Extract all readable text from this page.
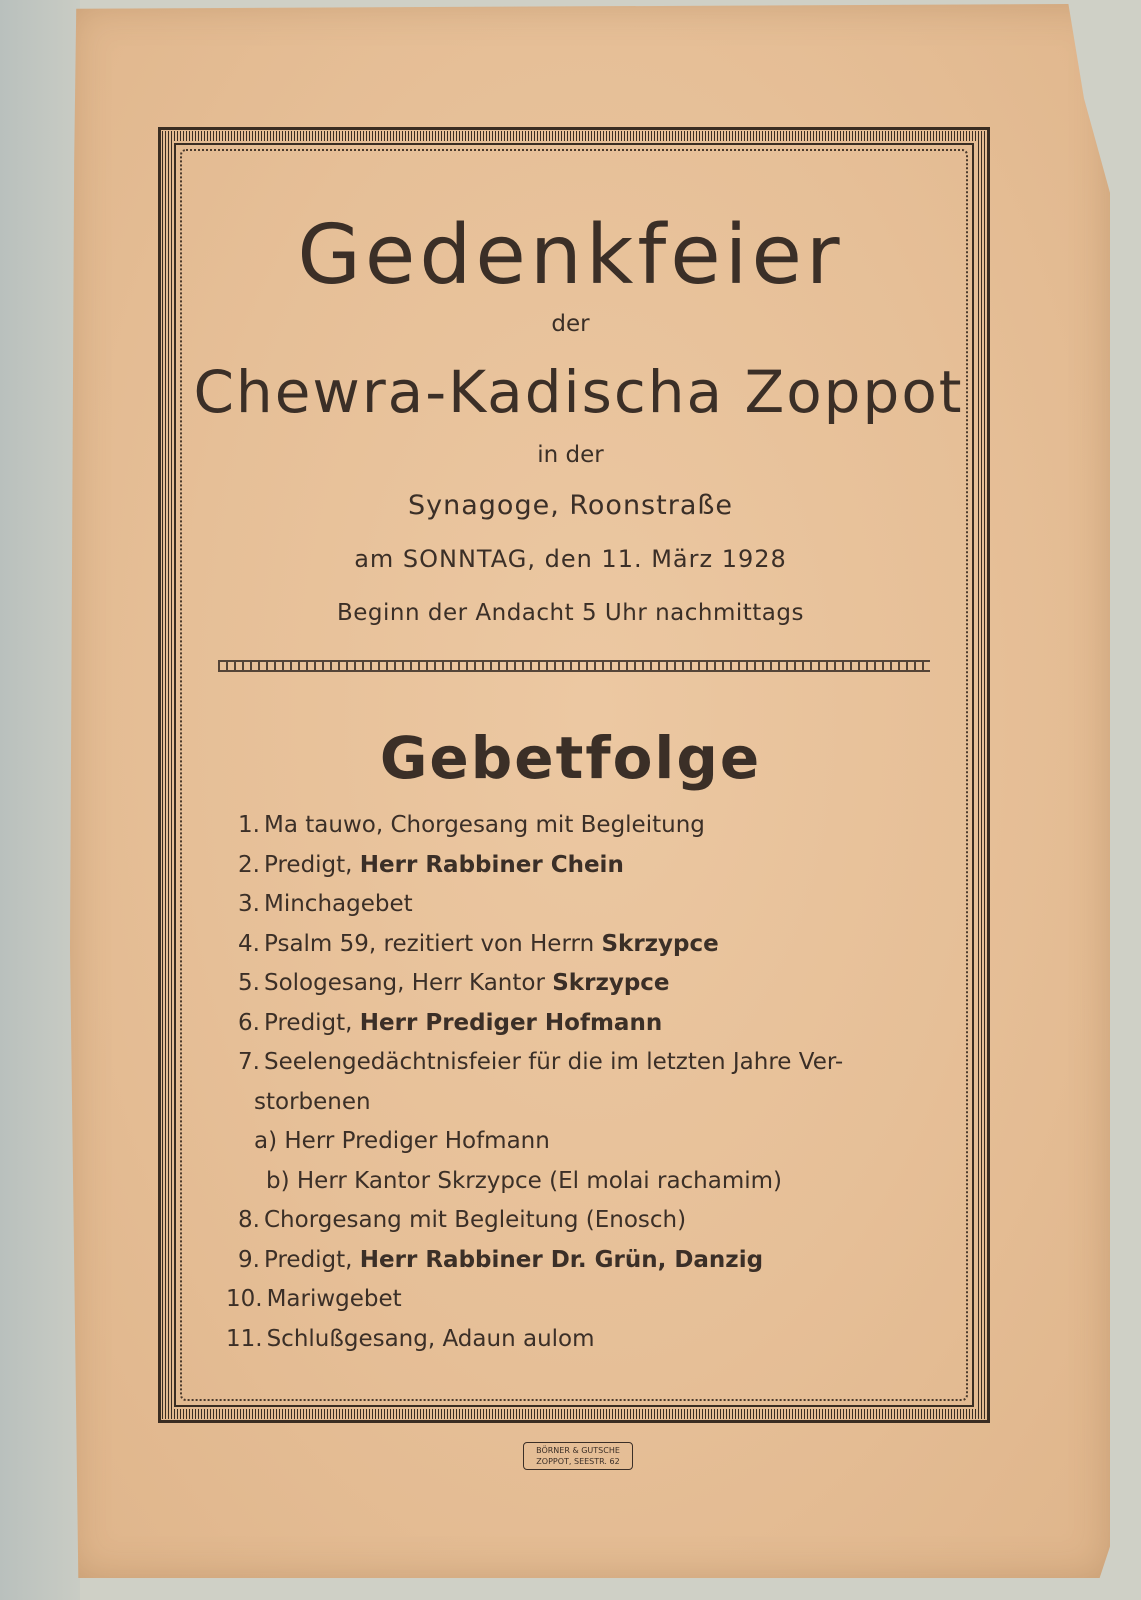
Gedenkfeier

der

Chewra-Kadischa Zoppot

in der

Synagoge, Roonstraße

am SONNTAG, den 11. März 1928

Beginn der Andacht 5 Uhr nachmittags

Gebetfolge
1. Ma tauwo, Chorgesang mit Begleitung
2. Predigt, Herr Rabbiner Chein
3. Minchagebet
4. Psalm 59, rezitiert von Herrn Skrzypce
5. Sologesang, Herr Kantor Skrzypce
6. Predigt, Herr Prediger Hofmann
7. Seelengedächtnisfeier für die im letzten Jahre Ver-
storbenen
a) Herr Prediger Hofmann
b) Herr Kantor Skrzypce (El molai rachamim)
8. Chorgesang mit Begleitung (Enosch)
9. Predigt, Herr Rabbiner Dr. Grün, Danzig
10. Mariwgebet
11. Schlußgesang, Adaun aulom
BÖRNER & GUTSCHE
ZOPPOT, SEESTR. 62
